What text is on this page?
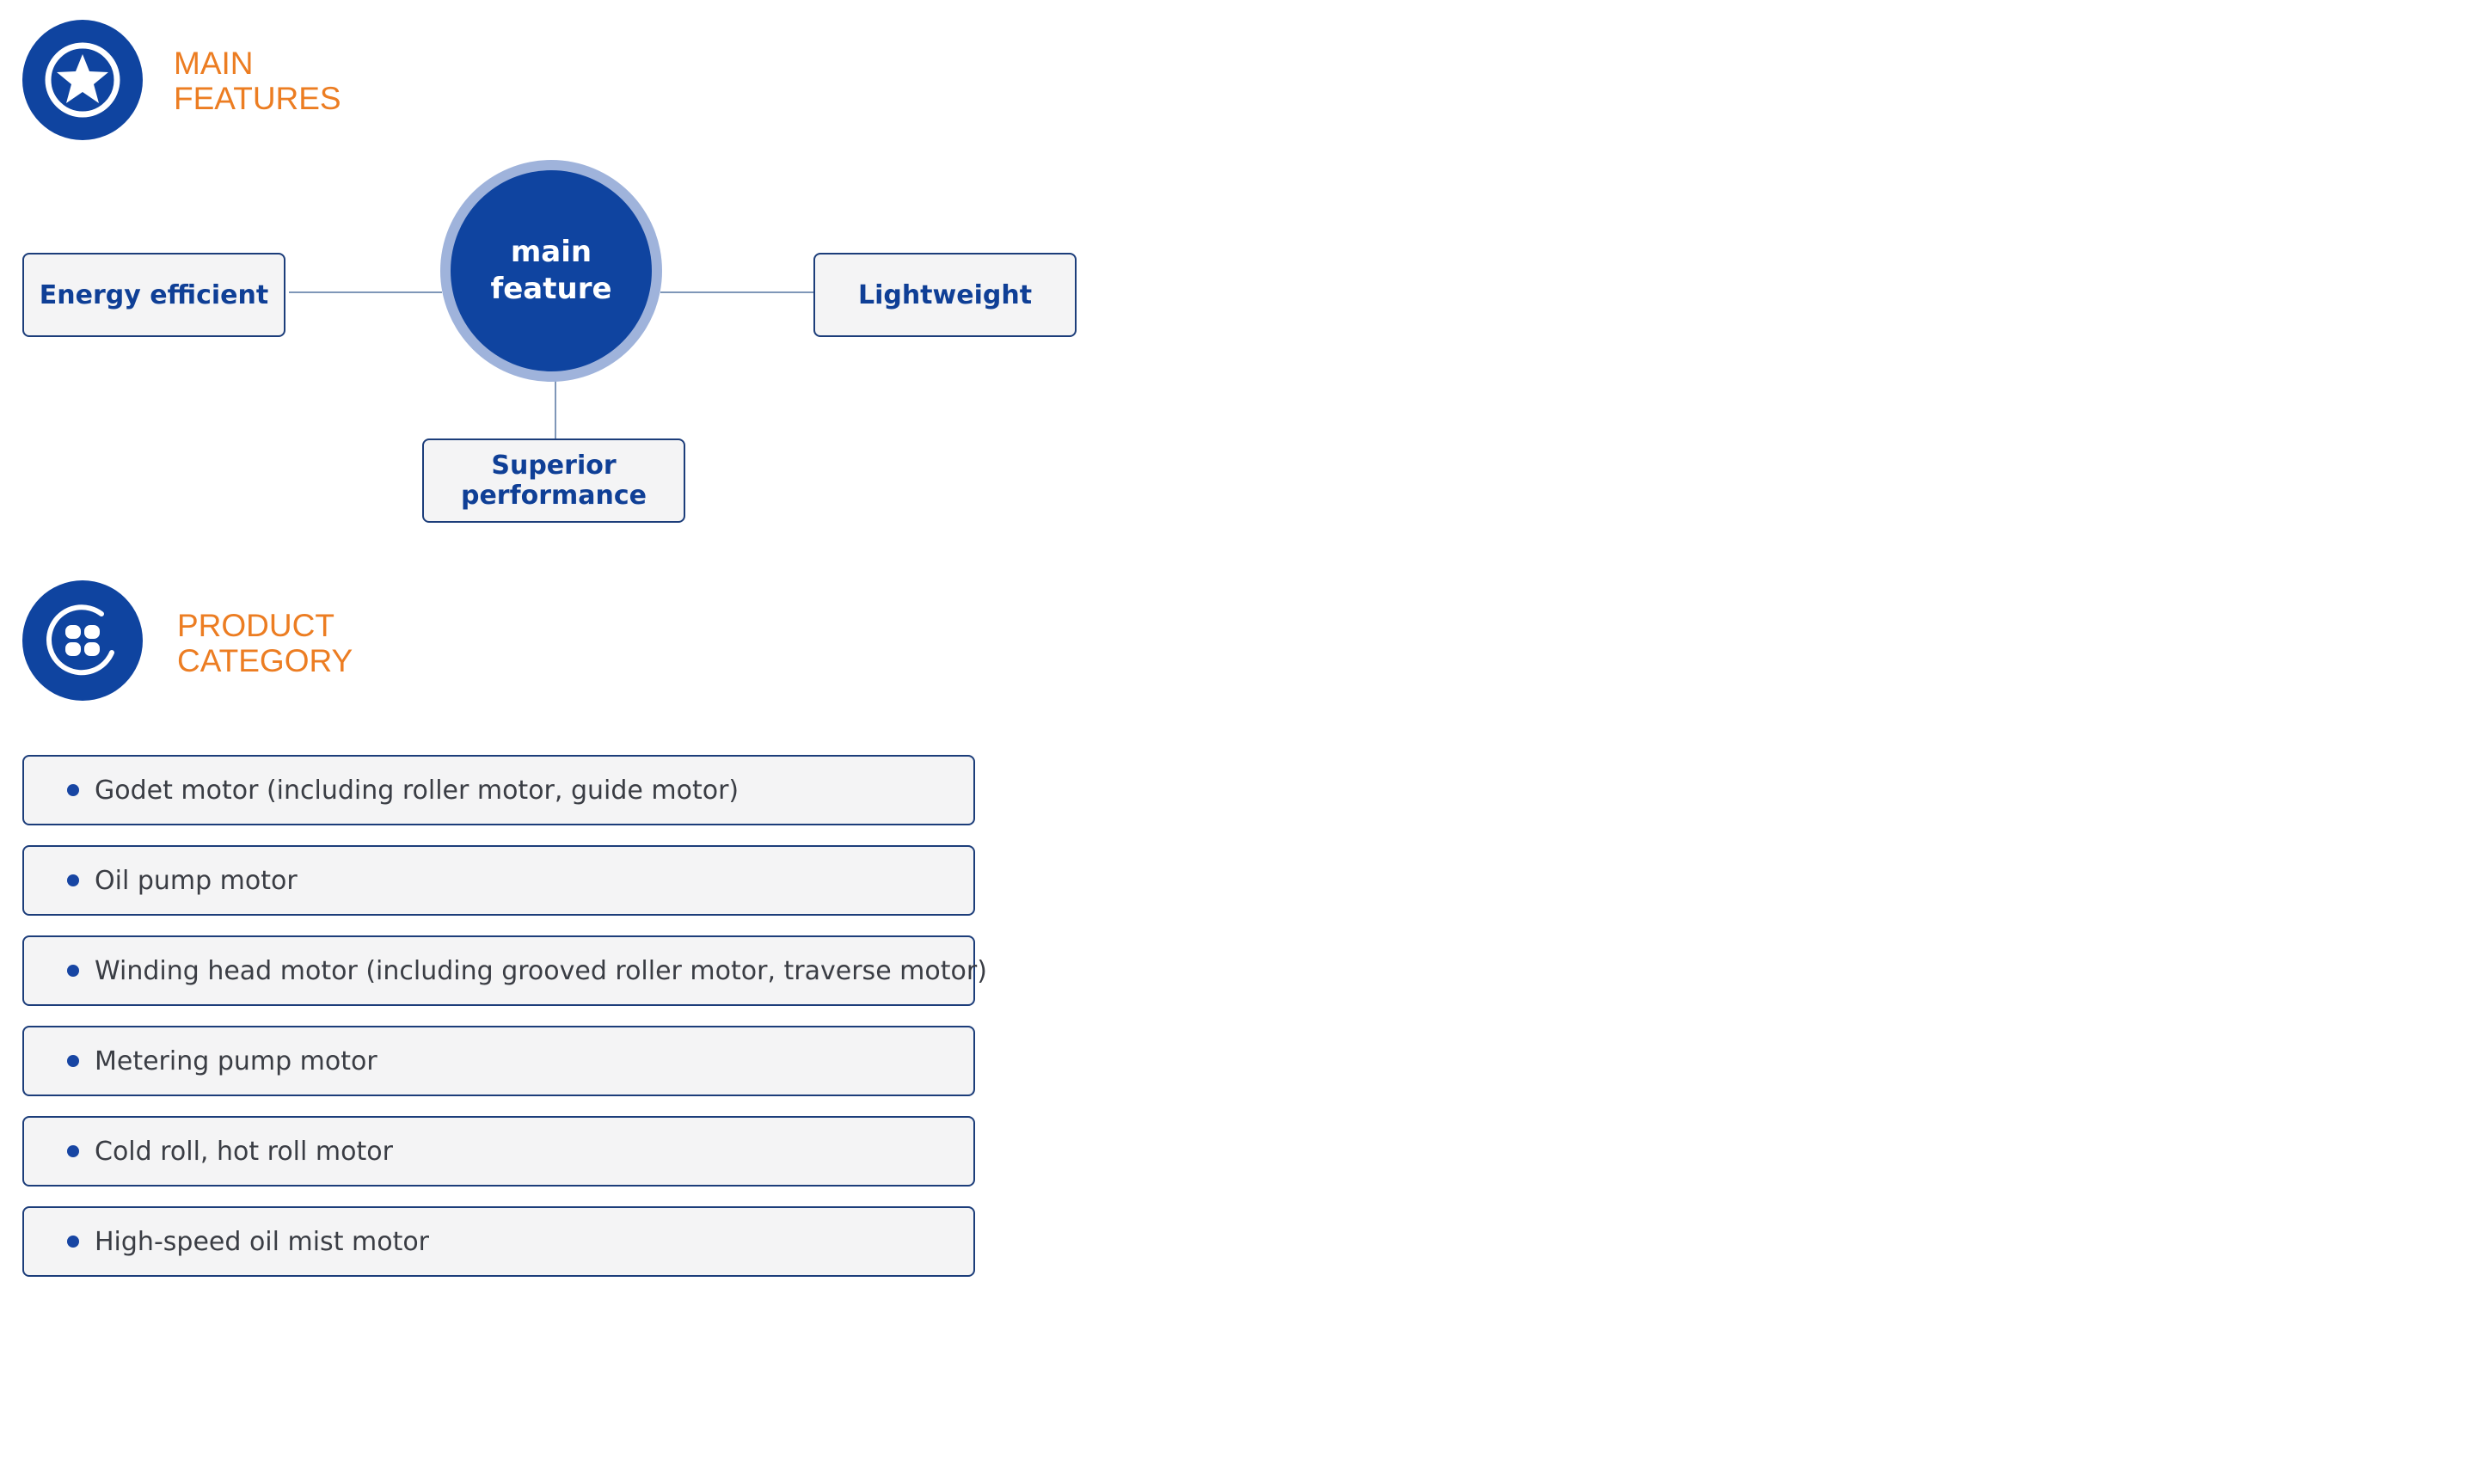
MAIN
FEATURES
Energy efficient	Lightweight
Superior performance
main
feature
PRODUCT
CATEGORY
Godet motor (including roller motor, guide motor)
Oil pump motor
Winding head motor (including grooved roller motor, traverse motor)
Metering pump motor
Cold roll, hot roll motor
High-speed oil mist motor
